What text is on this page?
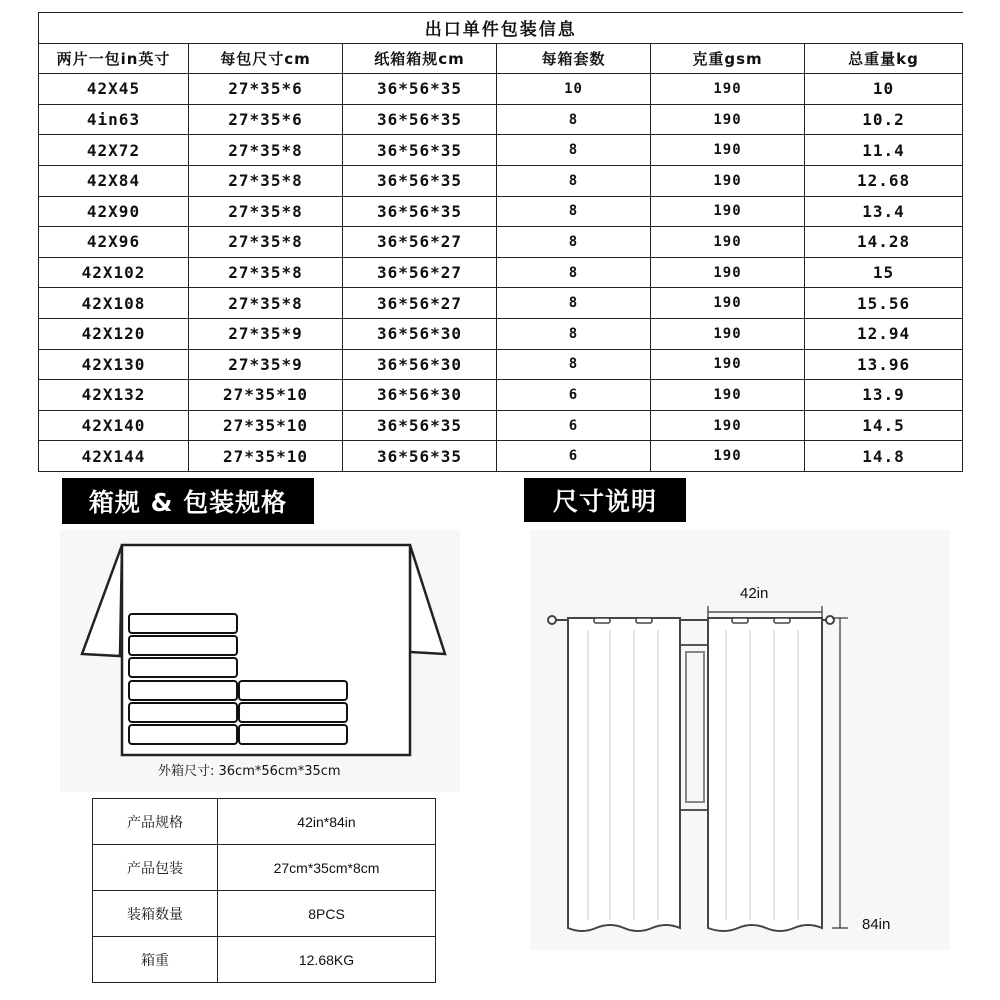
出口单件包装信息					
两片一包in英寸	每包尺寸cm	纸箱箱规cm	每箱套数	克重gsm	总重量kg
42X45	27*35*6	36*56*35	10	190	10
4in63	27*35*6	36*56*35	8	190	10.2
42X72	27*35*8	36*56*35	8	190	11.4
42X84	27*35*8	36*56*35	8	190	12.68
42X90	27*35*8	36*56*35	8	190	13.4
42X96	27*35*8	36*56*27	8	190	14.28
42X102	27*35*8	36*56*27	8	190	15
42X108	27*35*8	36*56*27	8	190	15.56
42X120	27*35*9	36*56*30	8	190	12.94
42X130	27*35*9	36*56*30	8	190	13.96
42X132	27*35*10	36*56*30	6	190	13.9
42X140	27*35*10	36*56*35	6	190	14.5
42X144	27*35*10	36*56*35	6	190	14.8
箱规 & 包装规格
外箱尺寸: 36cm*56cm*35cm
产品规格	42in*84in
产品包装	27cm*35cm*8cm
装箱数量	8PCS
箱重	12.68KG
尺寸说明
42in
84in
